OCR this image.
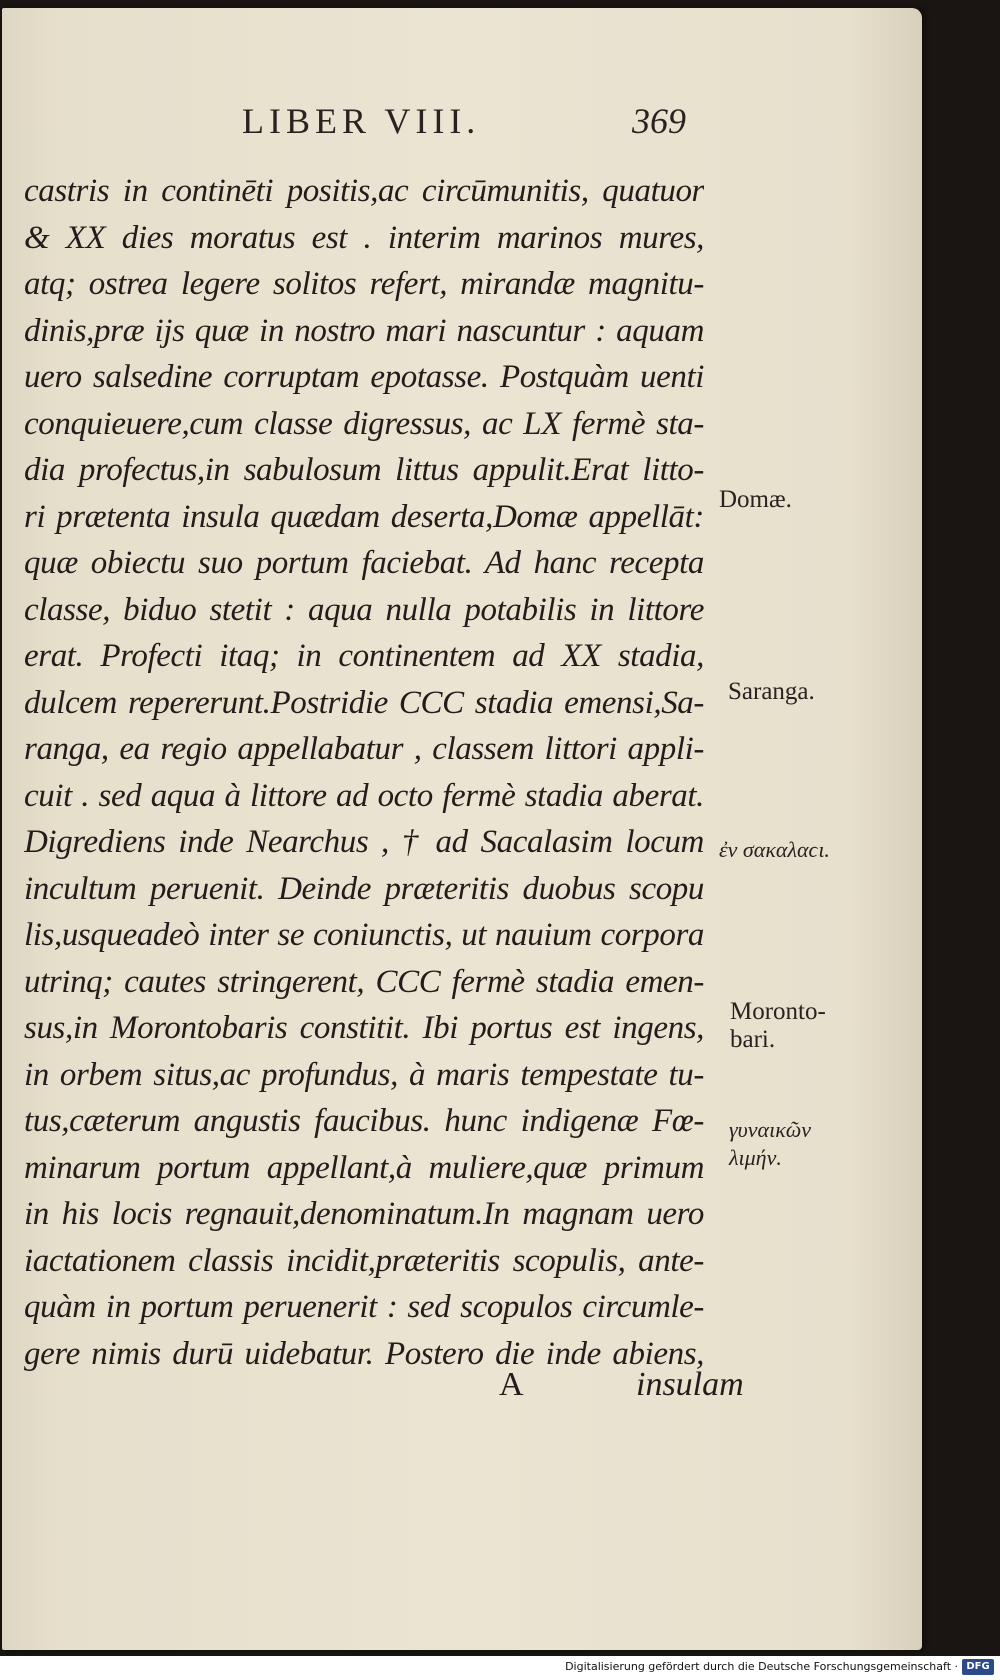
LIBER VIII.	369
castris in continēti positis,ac circūmunitis, quatuor
& XX dies moratus est . interim marinos mures,
atq; ostrea legere solitos refert, mirandæ magnitu-
dinis,præ ijs quæ in nostro mari nascuntur : aquam
uero salsedine corruptam epotasse. Postquàm uenti
conquieuere,cum classe digressus, ac LX fermè sta-
dia profectus,in sabulosum littus appulit.Erat litto-
ri prætenta insula quædam deserta,Domæ appellāt:
quæ obiectu suo portum faciebat. Ad hanc recepta
classe, biduo stetit : aqua nulla potabilis in littore
erat. Profecti itaq; in continentem ad XX stadia,
dulcem repererunt.Postridie CCC stadia emensi,Sa-
ranga, ea regio appellabatur , classem littori appli-
cuit . sed aqua à littore ad octo fermè stadia aberat.
Digrediens inde Nearchus , † ad Sacalasim locum
incultum peruenit. Deinde præteritis duobus scopu
lis,usqueadeò inter se coniunctis, ut nauium corpora
utrinq; cautes stringerent, CCC fermè stadia emen-
sus,in Morontobaris constitit. Ibi portus est ingens,
in orbem situs,ac profundus, à maris tempestate tu-
tus,cæterum angustis faucibus. hunc indigenæ Fœ-
minarum portum appellant,à muliere,quæ primum
in his locis regnauit,denominatum.In magnam uero
iactationem classis incidit,præteritis scopulis, ante-
quàm in portum peruenerit : sed scopulos circumle-
gere nimis durū uidebatur. Postero die inde abiens,
A	insulam
Domæ.
Saranga.
ἐν σακαλαϲι.
Moronto-
bari.
γυναικῶν
λιμήν.
Digitalisierung gefördert durch die Deutsche Forschungsgemeinschaft · DFG
